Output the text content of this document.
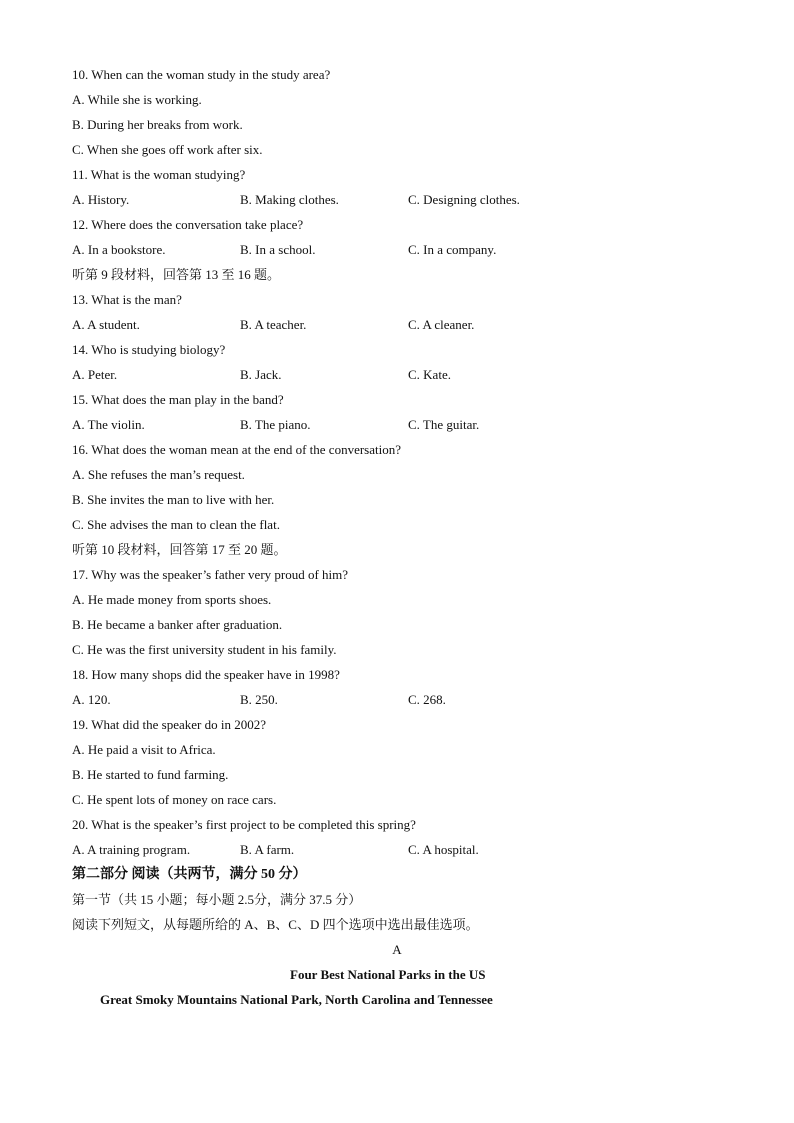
10. When can the woman study in the study area?
A. While she is working.
B. During her breaks from work.
C. When she goes off work after six.
11. What is the woman studying?
A. History.	B. Making clothes.	C. Designing clothes.
12. Where does the conversation take place?
A. In a bookstore.	B. In a school.	C. In a company.
听第 9 段材料，回答第 13 至 16 题。
13. What is the man?
A. A student.	B. A teacher.	C. A cleaner.
14. Who is studying biology?
A. Peter.	B. Jack.	C. Kate.
15. What does the man play in the band?
A. The violin.	B. The piano.	C. The guitar.
16. What does the woman mean at the end of the conversation?
A. She refuses the man’s request.
B. She invites the man to live with her.
C. She advises the man to clean the flat.
听第 10 段材料，回答第 17 至 20 题。
17. Why was the speaker’s father very proud of him?
A. He made money from sports shoes.
B. He became a banker after graduation.
C. He was the first university student in his family.
18. How many shops did the speaker have in 1998?
A. 120.	B. 250.	C. 268.
19. What did the speaker do in 2002?
A. He paid a visit to Africa.
B. He started to fund farming.
C. He spent lots of money on race cars.
20. What is the speaker’s first project to be completed this spring?
A. A training program.	B. A farm.	C. A hospital.
第二部分 阅读（共两节，满分 50 分）
第一节（共 15 小题；每小题 2.5分，满分 37.5 分）
阅读下列短文，从每题所给的 A、B、C、D 四个选项中选出最佳选项。
A
Four Best National Parks in the US
Great Smoky Mountains National Park, North Carolina and Tennessee
